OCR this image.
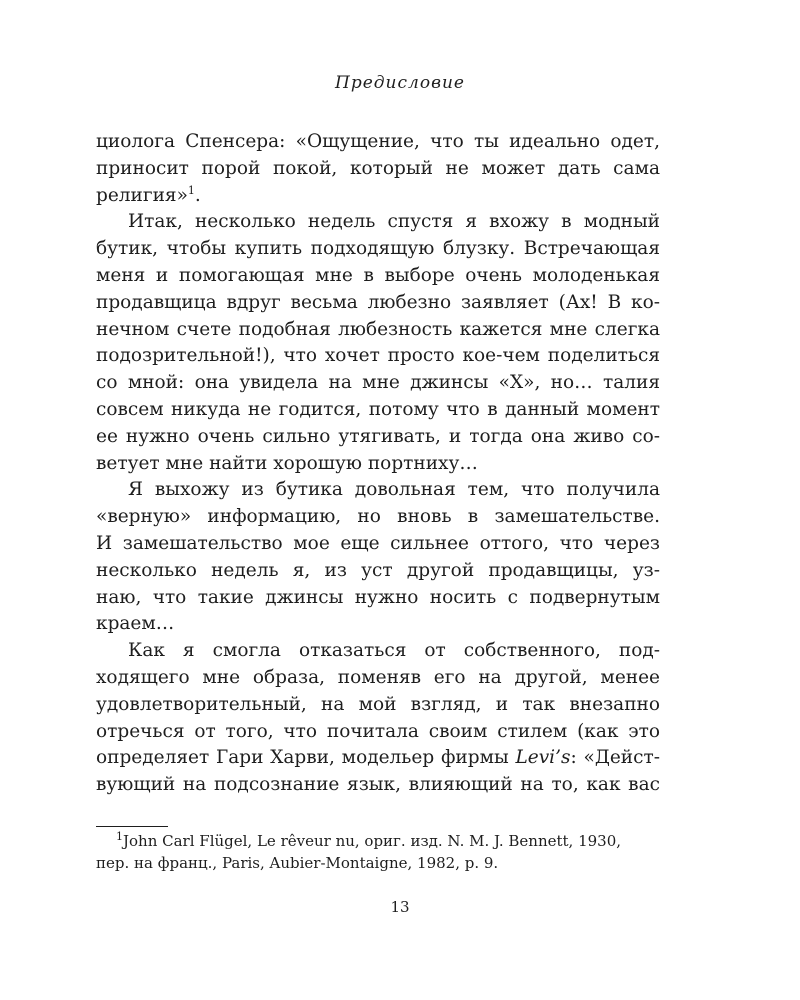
Предисловие
циолога Спенсера: «Ощущение, что ты идеально одет,
приносит порой покой, который не может дать сама
религия»$^1$.
Итак, несколько недель спустя я вхожу в модный
бутик, чтобы купить подходящую блузку. Встречающая
меня и помогающая мне в выборе очень молоденькая
продавщица вдруг весьма любезно заявляет (Ах! В ко-
нечном счете подобная любезность кажется мне слегка
подозрительной!), что хочет просто кое-чем поделиться
со мной: она увидела на мне джинсы «X», но… талия
совсем никуда не годится, потому что в данный момент
ее нужно очень сильно утягивать, и тогда она живо со-
ветует мне найти хорошую портниху…
Я выхожу из бутика довольная тем, что получила
«верную» информацию, но вновь в замешательстве.
И замешательство мое еще сильнее оттого, что через
несколько недель я, из уст другой продавщицы, уз-
наю, что такие джинсы нужно носить с подвернутым
краем…
Как я смогла отказаться от собственного, под-
ходящего мне образа, поменяв его на другой, менее
удовлетворительный, на мой взгляд, и так внезапно
отречься от того, что почитала своим стилем (как это
определяет Гари Харви, модельер фирмы Levi’s: «Дейст-
вующий на подсознание язык, влияющий на то, как вас
$^1$John Carl Flügel, Le rêveur nu, ориг. изд. N. M. J. Bennett, 1930,
пер. на франц., Paris, Aubier-Montaigne, 1982, p. 9.
13
